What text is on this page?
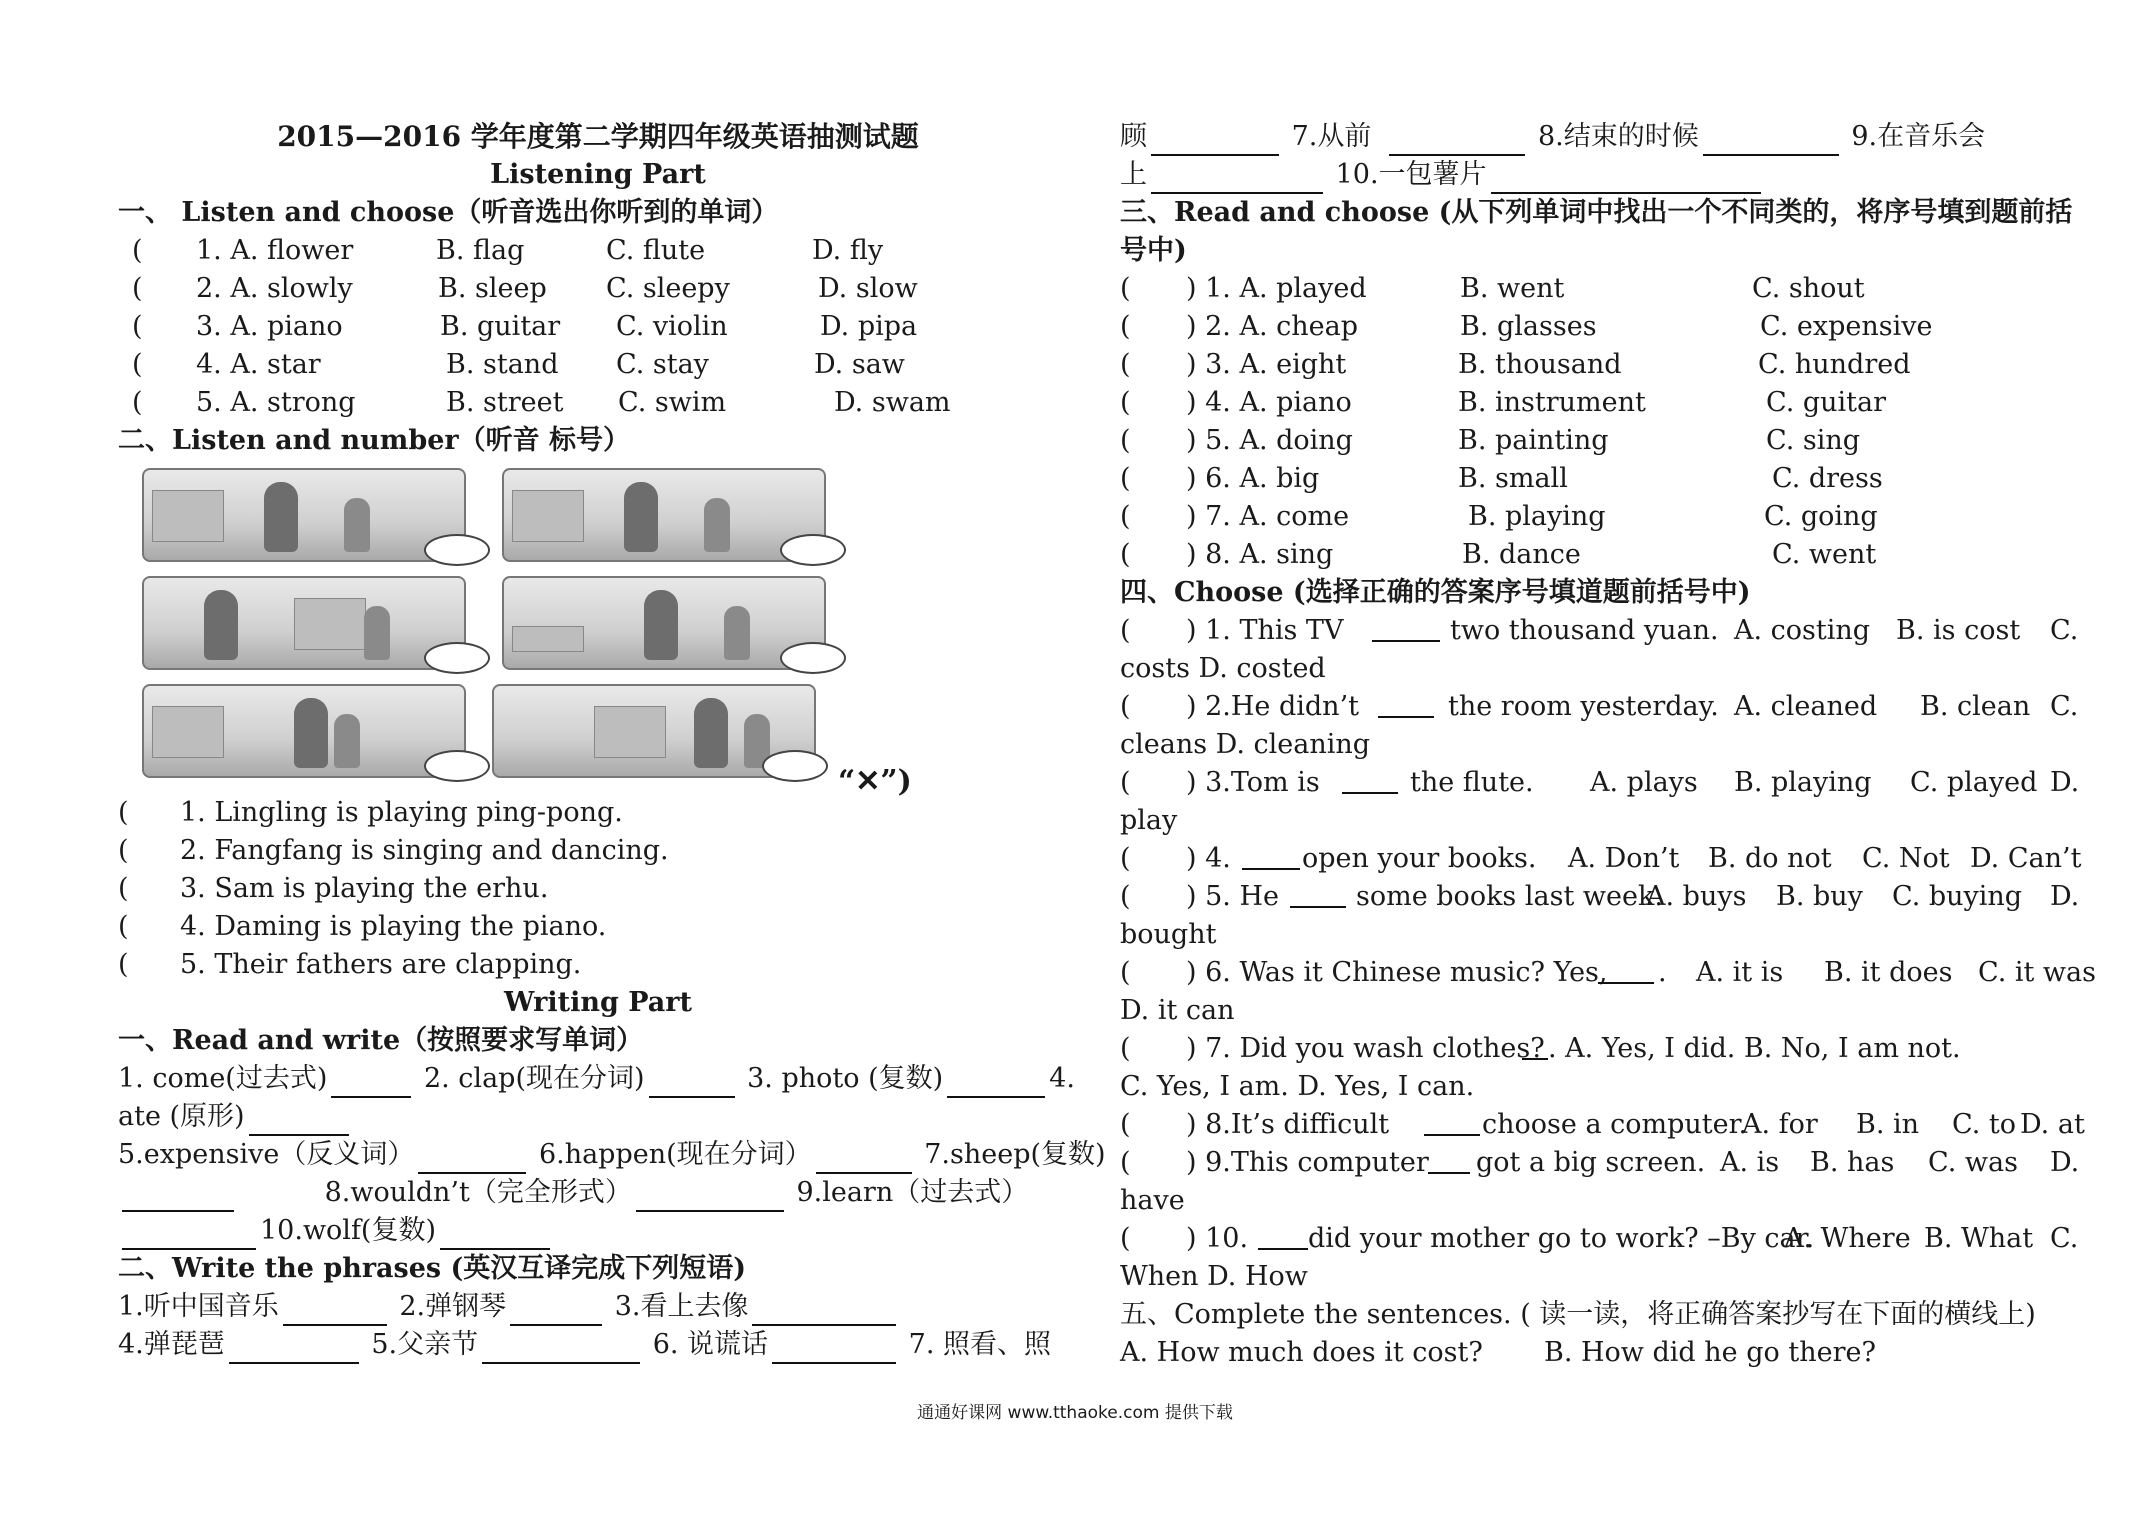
2015—2016 学年度第二学期四年级英语抽测试题
Listening Part
一、 Listen and choose（听音选出你听到的单词）
( 1. A. flower	B. flag	C. flute	D. fly
( 2. A. slowly	B. sleep C. sleepy	D. slow
( 3. A. piano	B. guitar C. violin	D. pipa
( 4. A. star	B. stand C. stay	D. saw
( 5. A. strong	B. street C. swim	D. swam
二、Listen and number（听音 标号）
“✕”)
( 1. Lingling is playing ping-pong.
( 2. Fangfang is singing and dancing.
( 3. Sam is playing the erhu.
( 4. Daming is playing the piano.
( 5. Their fathers are clapping.
Writing Part
一、Read and write（按照要求写单词）
1. come(过去式)	2. clap(现在分词)	3. photo (复数)	4.
ate (原形)
5.expensive（反义词）	6.happen(现在分词）	7.sheep(复数)
8.wouldn’t（完全形式）	9.learn（过去式）
10.wolf(复数)
二、Write the phrases (英汉互译完成下列短语)
1.听中国音乐	2.弹钢琴	3.看上去像
4.弹琵琶	5.父亲节	6. 说谎话	7. 照看、照
顾	7.从前	8.结束的时候	9.在音乐会
上	10.一包薯片
三、Read and choose (从下列单词中找出一个不同类的，将序号填到题前括
号中)
( ) 1. A. played	B. went	C. shout
( ) 2. A. cheap	B. glasses	C. expensive
( ) 3. A. eight	B. thousand	C. hundred
( ) 4. A. piano	B. instrument	C. guitar
( ) 5. A. doing	B. painting	C. sing
( ) 6. A. big	B. small	C. dress
( ) 7. A. come	B. playing	C. going
( ) 8. A. sing	B. dance	C. went
四、Choose (选择正确的答案序号填道题前括号中)
( ) 1. This TV	two thousand yuan. A. costing B. is cost C.
costs D. costed
( ) 2.He didn’t	the room yesterday. A. cleaned B. clean C.
cleans D. cleaning
( ) 3.Tom is	the flute. A. plays B. playing C. played D.
play
( ) 4.	open your books. A. Don’t B. do not C. Not D. Can’t
( ) 5. He	some books last week.
A. buys B. buy C. buying D.
bought
( ) 6. Was it Chinese music? Yes, . A. it is B. it does C. it was
D. it can
( ) 7. Did you wash clothes? . A. Yes, I did. B. No, I am not.
C. Yes, I am. D. Yes, I can.
( ) 8.It’s difficult	choose a computer.
A. for B. in C. to D. at
( ) 9.This computer got a big screen. A. is B. has C. was D.
have
( ) 10. did your mother go to work? –By car.
A. Where B. What C.
When D. How
五、Complete the sentences. ( 读一读，将正确答案抄写在下面的横线上)
A. How much does it cost? B. How did he go there?
通通好课网 www.tthaoke.com 提供下载
